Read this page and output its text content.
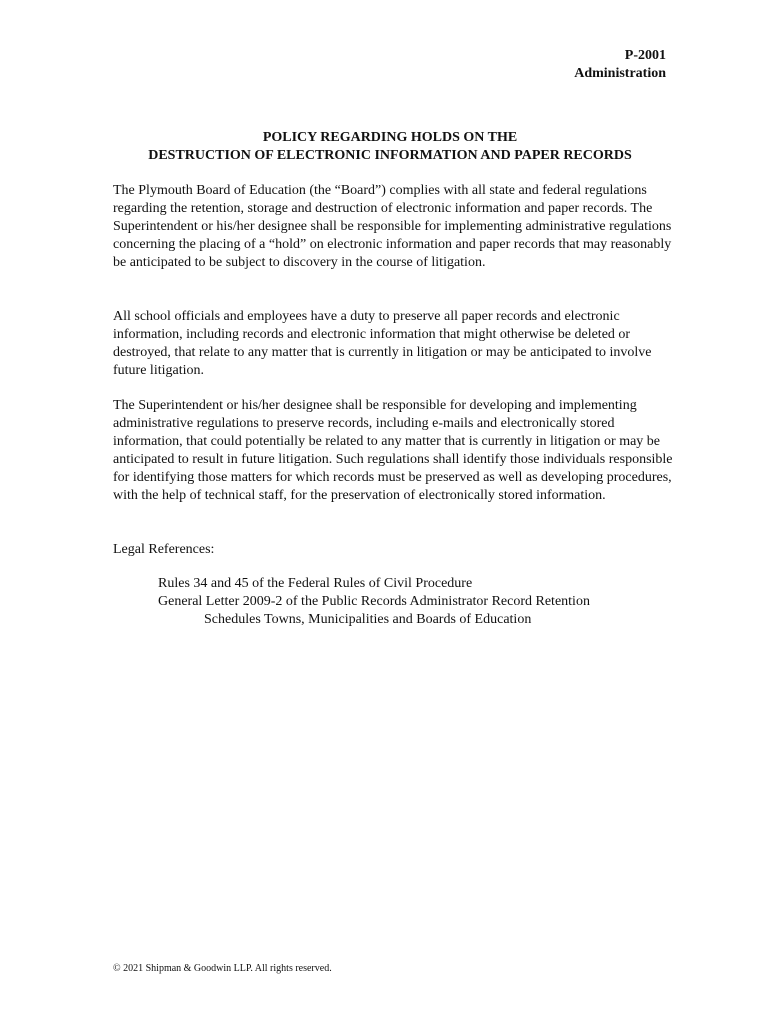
P-2001
Administration
POLICY REGARDING HOLDS ON THE
DESTRUCTION OF ELECTRONIC INFORMATION AND PAPER RECORDS

The Plymouth Board of Education (the “Board”) complies with all state and federal regulations regarding the retention, storage and destruction of electronic information and paper records. The Superintendent or his/her designee shall be responsible for implementing administrative regulations concerning the placing of a “hold” on electronic information and paper records that may reasonably be anticipated to be subject to discovery in the course of litigation.

All school officials and employees have a duty to preserve all paper records and electronic information, including records and electronic information that might otherwise be deleted or destroyed, that relate to any matter that is currently in litigation or may be anticipated to involve future litigation.

The Superintendent or his/her designee shall be responsible for developing and implementing administrative regulations to preserve records, including e-mails and electronically stored information, that could potentially be related to any matter that is currently in litigation or may be anticipated to result in future litigation. Such regulations shall identify those individuals responsible for identifying those matters for which records must be preserved as well as developing procedures, with the help of technical staff, for the preservation of electronically stored information.

Legal References:

Rules 34 and 45 of the Federal Rules of Civil Procedure
General Letter 2009-2 of the Public Records Administrator Record Retention
Schedules Towns, Municipalities and Boards of Education
© 2021 Shipman & Goodwin LLP. All rights reserved.
